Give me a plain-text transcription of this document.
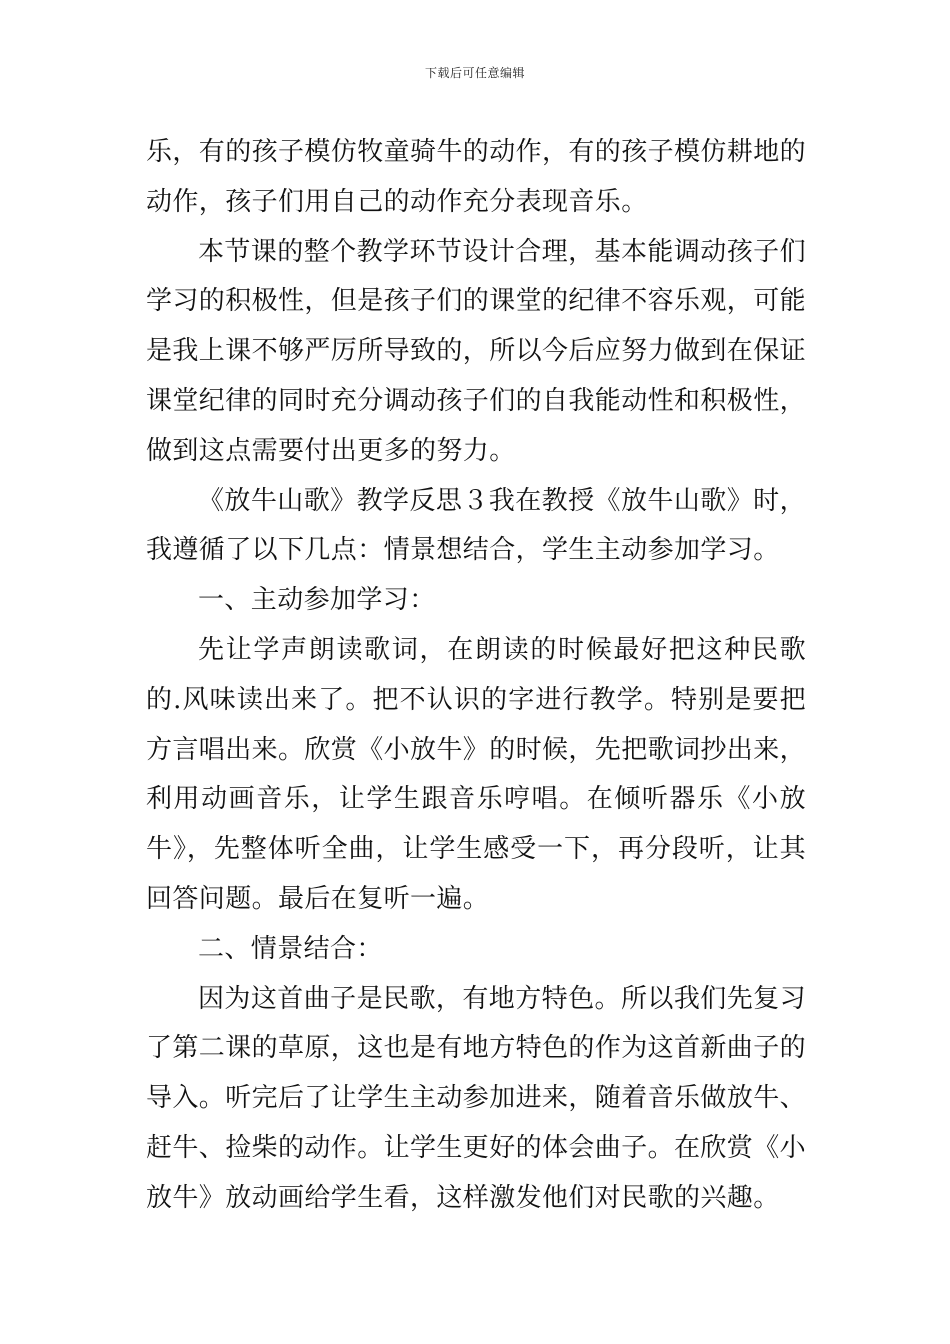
下载后可任意编辑

乐，有的孩子模仿牧童骑牛的动作，有的孩子模仿耕地的动作，孩子们用自己的动作充分表现音乐。

本节课的整个教学环节设计合理，基本能调动孩子们学习的积极性，但是孩子们的课堂的纪律不容乐观，可能是我上课不够严厉所导致的，所以今后应努力做到在保证课堂纪律的同时充分调动孩子们的自我能动性和积极性，做到这点需要付出更多的努力。

《放牛山歌》教学反思３我在教授《放牛山歌》时，我遵循了以下几点：情景想结合，学生主动参加学习。

一、主动参加学习：

先让学声朗读歌词，在朗读的时候最好把这种民歌的.风味读出来了。把不认识的字进行教学。特别是要把方言唱出来。欣赏《小放牛》的时候，先把歌词抄出来，利用动画音乐，让学生跟音乐哼唱。在倾听器乐《小放牛》，先整体听全曲，让学生感受一下，再分段听，让其回答问题。最后在复听一遍。

二、情景结合：

因为这首曲子是民歌，有地方特色。所以我们先复习了第二课的草原，这也是有地方特色的作为这首新曲子的导入。听完后了让学生主动参加进来，随着音乐做放牛、赶牛、捡柴的动作。让学生更好的体会曲子。在欣赏《小放牛》放动画给学生看，这样激发他们对民歌的兴趣。
